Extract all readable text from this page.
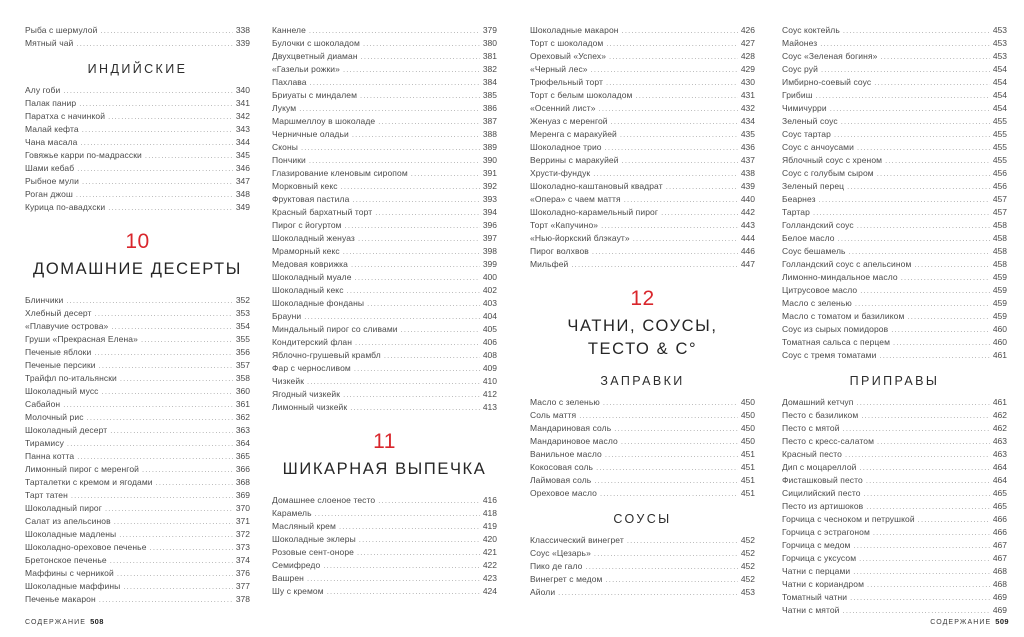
Рыба с шермулой .....	338
Мятный чай .....	339
ИНДИЙСКИЕ
Алу гоби .....	340
Палак панир .....	341
Паратха с начинкой .....	342
Малай кефта .....	343
Чана масала .....	344
Говяжье карри по-мадрасски .....	345
Шами кебаб .....	346
Рыбное мули .....	347
Роган джош .....	348
Курица по-авадхски .....	349
10
ДОМАШНИЕ ДЕСЕРТЫ
Блинчики .....	352
Хлебный десерт .....	353
«Плавучие острова» .....	354
Груши «Прекрасная Елена» .....	355
Печеные яблоки .....	356
Печеные персики .....	357
Трайфл по-итальянски .....	358
Шоколадный мусс .....	360
Сабайон .....	361
Молочный рис .....	362
Шоколадный десерт .....	363
Тирамису .....	364
Панна котта .....	365
Лимонный пирог с меренгой .....	366
Тарталетки с кремом и ягодами .....	368
Тарт татен .....	369
Шоколадный пирог .....	370
Салат из апельсинов .....	371
Шоколадные мадлены .....	372
Шоколадно-ореховое печенье .....	373
Бретонское печенье .....	374
Маффины с черникой .....	376
Шоколадные маффины .....	377
Печенье макарон .....	378
Каннеле .....	379
Булочки с шоколадом .....	380
Двухцветный диаман .....	381
«Газельи рожки» .....	382
Пахлава .....	384
Бриуаты с миндалем .....	385
Лукум .....	386
Маршмеллоу в шоколаде .....	387
Черничные оладьи .....	388
Сконы .....	389
Пончики .....	390
Глазирование кленовым сиропом .....	391
Морковный кекс .....	392
Фруктовая пастила .....	393
Красный бархатный торт .....	394
Пирог с йогуртом .....	396
Шоколадный женуаз .....	397
Мраморный кекс .....	398
Медовая коврижка .....	399
Шоколадный муале .....	400
Шоколадный кекс .....	402
Шоколадные фонданы .....	403
Брауни .....	404
Миндальный пирог со сливами .....	405
Кондитерский флан .....	406
Яблочно-грушевый крамбл .....	408
Фар с черносливом .....	409
Чизкейк .....	410
Ягодный чизкейк .....	412
Лимонный чизкейк .....	413
11
ШИКАРНАЯ ВЫПЕЧКА
Домашнее слоеное тесто .....	416
Карамель .....	418
Масляный крем .....	419
Шоколадные эклеры .....	420
Розовые сент-оноре .....	421
Семифредо .....	422
Вашрен .....	423
Шу с кремом .....	424
СОДЕРЖАНИЕ 508
Шоколадные макарон .....	426
Торт с шоколадом .....	427
Ореховый «Успех» .....	428
«Черный лес» .....	429
Трюфельный торт .....	430
Торт с белым шоколадом .....	431
«Осенний лист» .....	432
Женуаз с меренгой .....	434
Меренга с маракуйей .....	435
Шоколадное трио .....	436
Веррины с маракуйей .....	437
Хрусти-фундук .....	438
Шоколадно-каштановый квадрат .....	439
«Опера» с чаем маття .....	440
Шоколадно-карамельный пирог .....	442
Торт «Капучино» .....	443
«Нью-йоркский блэкаут» .....	444
Пирог волхвов .....	446
Мильфей .....	447
12
ЧАТНИ, СОУСЫ,
ТЕСТО & С°
ЗАПРАВКИ
Масло с зеленью .....	450
Соль маття .....	450
Мандариновая соль .....	450
Мандариновое масло .....	450
Ванильное масло .....	451
Кокосовая соль .....	451
Лаймовая соль .....	451
Ореховое масло .....	451
СОУСЫ
Классический винегрет .....	452
Соус «Цезарь» .....	452
Пико де гало .....	452
Винегрет с медом .....	452
Айоли .....	453
Соус коктейль .....	453
Майонез .....	453
Соус «Зеленая богиня» .....	453
Соус руй .....	454
Имбирно-соевый соус .....	454
Грибиш .....	454
Чимичурри .....	454
Зеленый соус .....	455
Соус тартар .....	455
Соус с анчоусами .....	455
Яблочный соус с хреном .....	455
Соус с голубым сыром .....	456
Зеленый перец .....	456
Беарнез .....	457
Тартар .....	457
Голландский соус .....	458
Белое масло .....	458
Соус бешамель .....	458
Голландский соус с апельсином .....	458
Лимонно-миндальное масло .....	459
Цитрусовое масло .....	459
Масло с зеленью .....	459
Масло с томатом и базиликом .....	459
Соус из сырых помидоров .....	460
Томатная сальса с перцем .....	460
Соус с тремя томатами .....	461
ПРИПРАВЫ
Домашний кетчуп .....	461
Песто с базиликом .....	462
Песто с мятой .....	462
Песто с кресс-салатом .....	463
Красный песто .....	463
Дип с моцареллой .....	464
Фисташковый песто .....	464
Сицилийский песто .....	465
Песто из артишоков .....	465
Горчица с чесноком и петрушкой .....	466
Горчица с эстрагоном .....	466
Горчица с медом .....	467
Горчица с уксусом .....	467
Чатни с перцами .....	468
Чатни с кориандром .....	468
Томатный чатни .....	469
Чатни с мятой .....	469
СОДЕРЖАНИЕ 509
